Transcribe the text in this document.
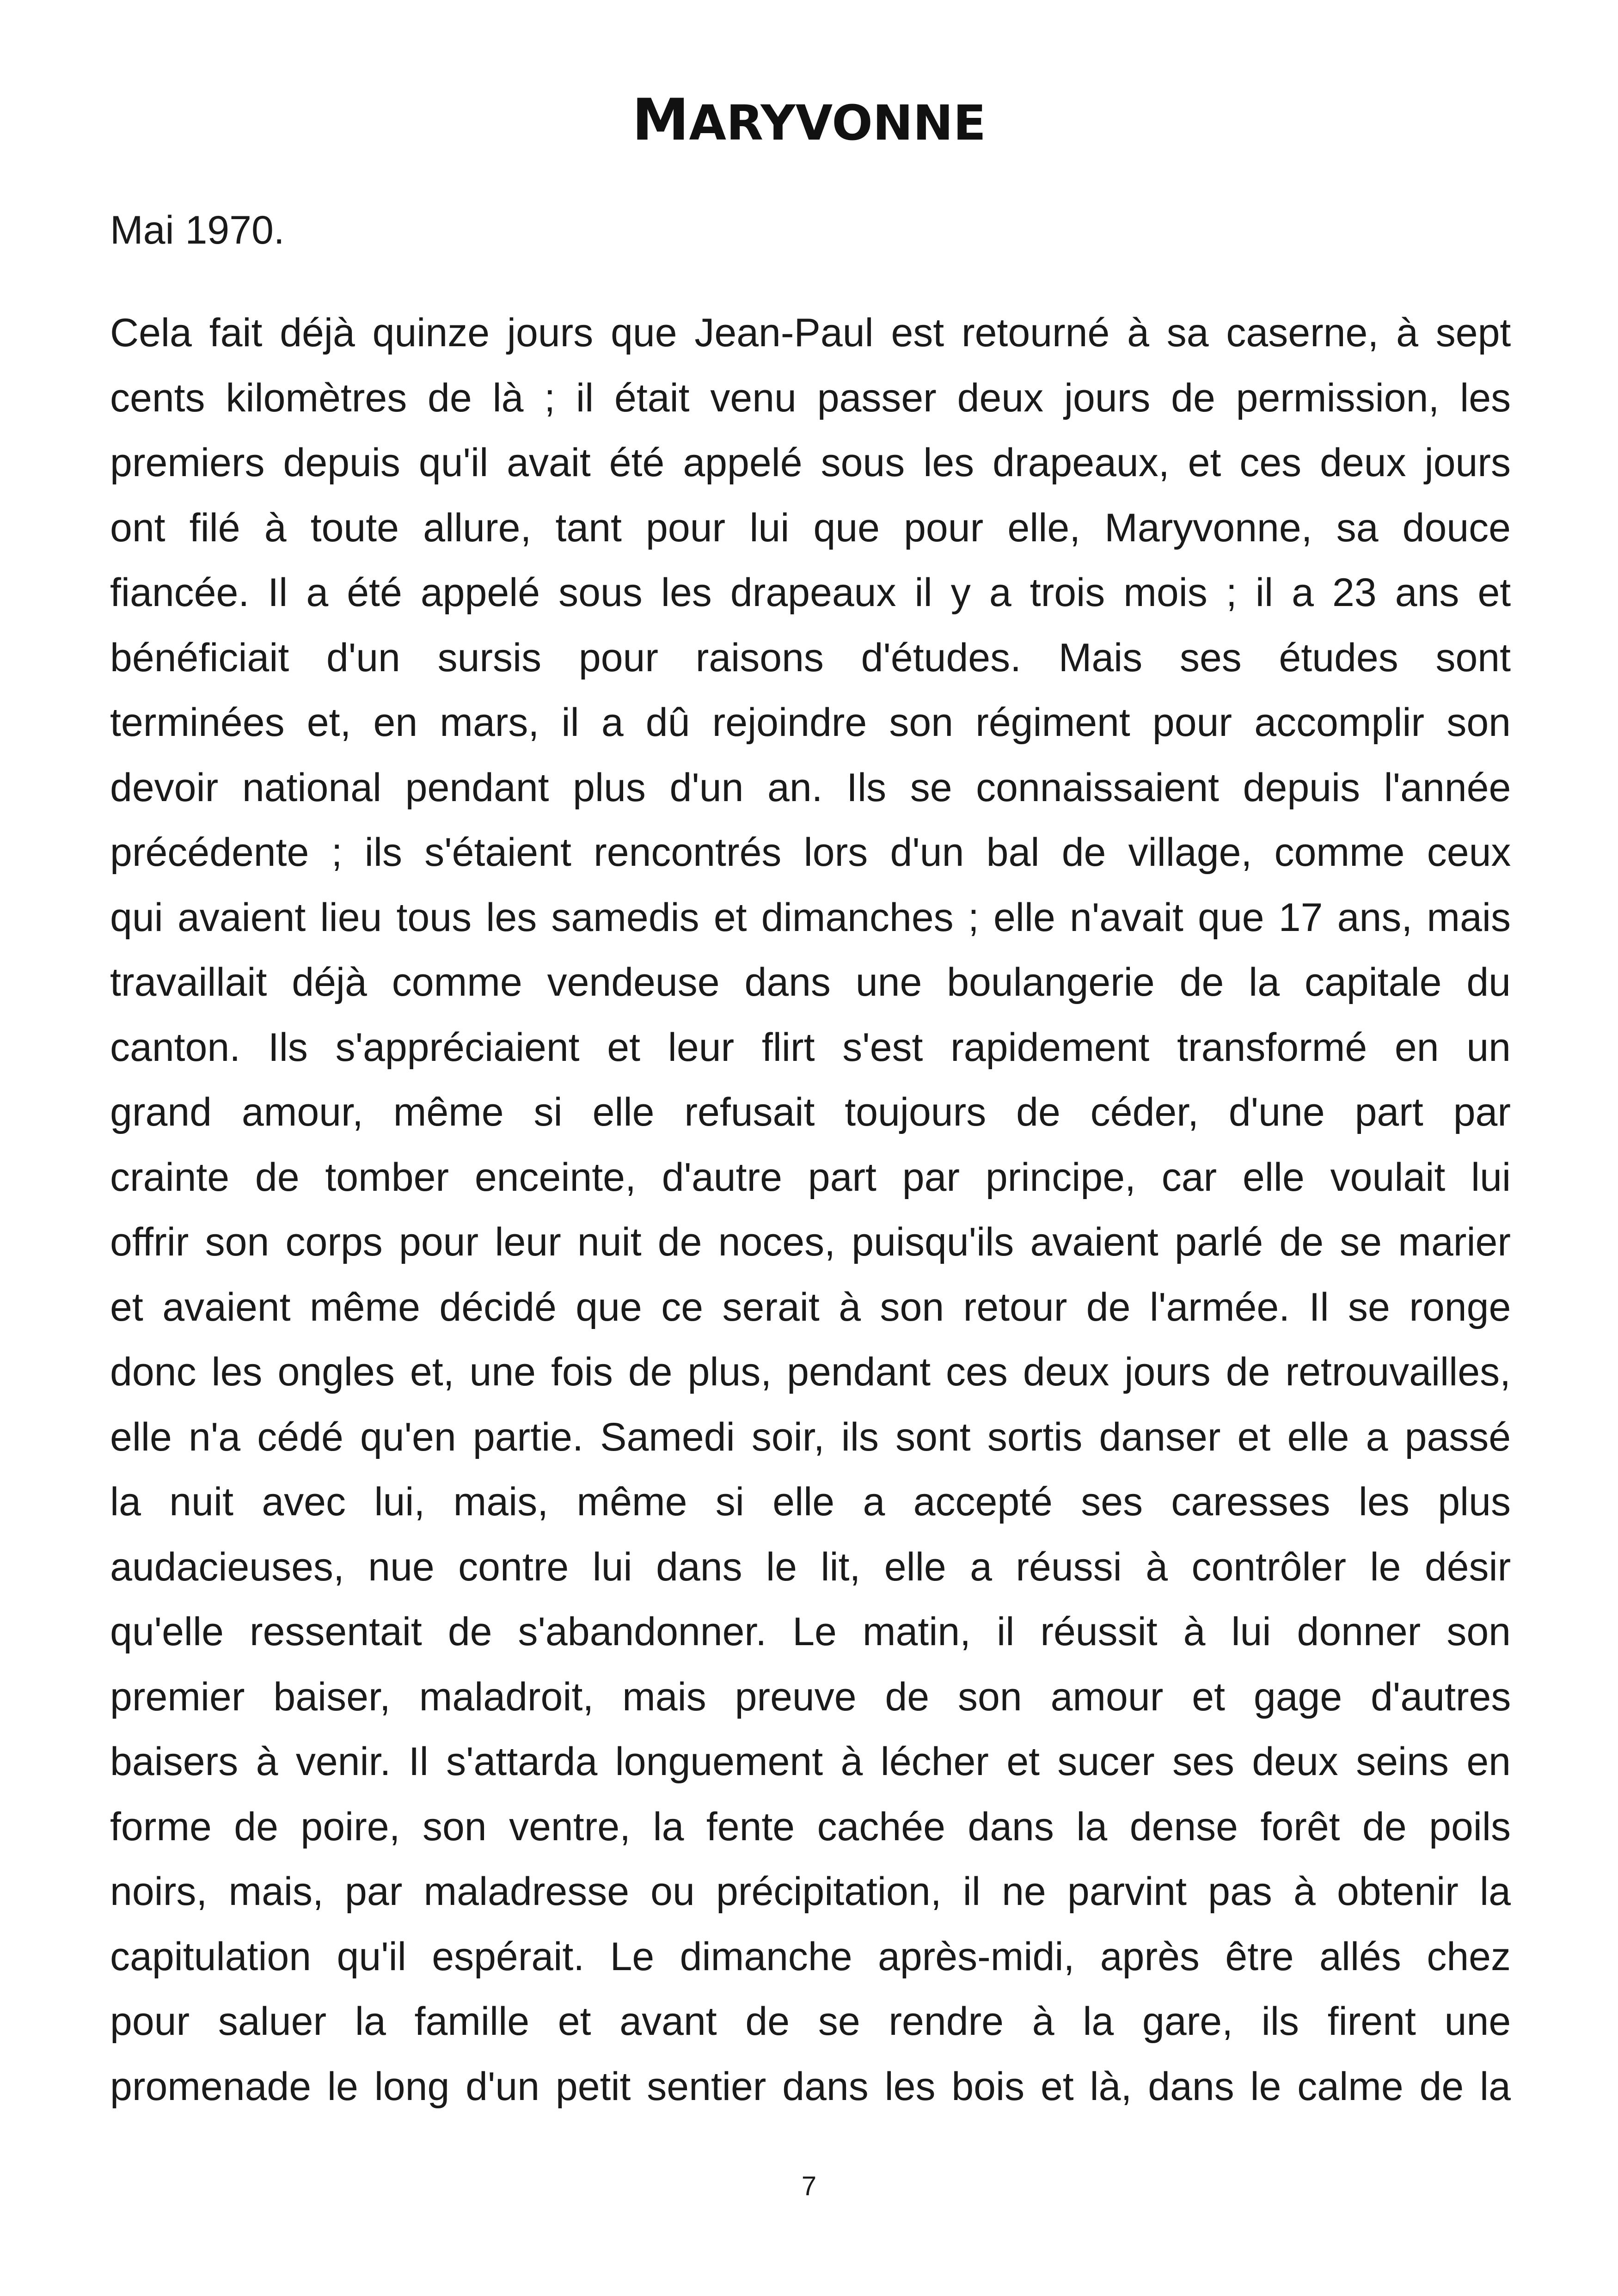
MARYVONNE

Mai 1970.

Cela fait déjà quinze jours que Jean-Paul est retourné à sa caserne, à sept
cents kilomètres de là ; il était venu passer deux jours de permission, les
premiers depuis qu'il avait été appelé sous les drapeaux, et ces deux jours
ont filé à toute allure, tant pour lui que pour elle, Maryvonne, sa douce
fiancée. Il a été appelé sous les drapeaux il y a trois mois ; il a 23 ans et
bénéficiait d'un sursis pour raisons d'études. Mais ses études sont
terminées et, en mars, il a dû rejoindre son régiment pour accomplir son
devoir national pendant plus d'un an. Ils se connaissaient depuis l'année
précédente ; ils s'étaient rencontrés lors d'un bal de village, comme ceux
qui avaient lieu tous les samedis et dimanches ; elle n'avait que 17 ans, mais
travaillait déjà comme vendeuse dans une boulangerie de la capitale du
canton. Ils s'appréciaient et leur flirt s'est rapidement transformé en un
grand amour, même si elle refusait toujours de céder, d'une part par
crainte de tomber enceinte, d'autre part par principe, car elle voulait lui
offrir son corps pour leur nuit de noces, puisqu'ils avaient parlé de se marier
et avaient même décidé que ce serait à son retour de l'armée. Il se ronge
donc les ongles et, une fois de plus, pendant ces deux jours de retrouvailles,
elle n'a cédé qu'en partie. Samedi soir, ils sont sortis danser et elle a passé
la nuit avec lui, mais, même si elle a accepté ses caresses les plus
audacieuses, nue contre lui dans le lit, elle a réussi à contrôler le désir
qu'elle ressentait de s'abandonner. Le matin, il réussit à lui donner son
premier baiser, maladroit, mais preuve de son amour et gage d'autres
baisers à venir. Il s'attarda longuement à lécher et sucer ses deux seins en
forme de poire, son ventre, la fente cachée dans la dense forêt de poils
noirs, mais, par maladresse ou précipitation, il ne parvint pas à obtenir la
capitulation qu'il espérait. Le dimanche après-midi, après être allés chez
pour saluer la famille et avant de se rendre à la gare, ils firent une
promenade le long d'un petit sentier dans les bois et là, dans le calme de la

7
